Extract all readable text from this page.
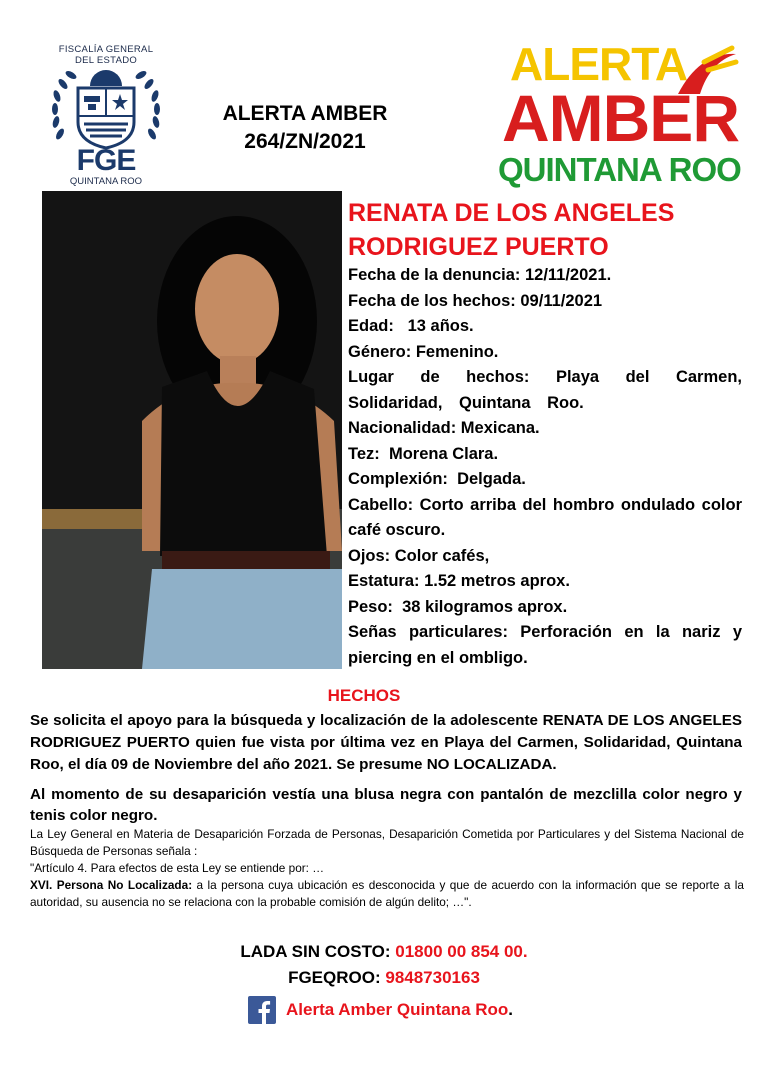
FISCALÍA GENERAL
DEL ESTADO
FGE
QUINTANA ROO
ALERTA AMBER
264/ZN/2021
ALERTA
AMBER
QUINTANA ROO
RENATA DE LOS ANGELES
RODRIGUEZ PUERTO

Fecha de la denuncia: 12/11/2021.

Fecha de los hechos: 09/11/2021

Edad:   13 años.

Género: Femenino.

Lugar de hechos: Playa del Carmen, Solidaridad, Quintana Roo.

Nacionalidad: Mexicana.

Tez:  Morena Clara.

Complexión:  Delgada.

Cabello: Corto arriba del hombro ondulado color café oscuro.

Ojos: Color cafés,

Estatura: 1.52 metros aprox.

Peso:  38 kilogramos aprox.

Señas particulares: Perforación en la nariz y piercing en el ombligo.

HECHOS

Se solicita el apoyo para la búsqueda y localización de la adolescente RENATA DE LOS ANGELES RODRIGUEZ PUERTO quien fue vista por última vez en Playa del Carmen, Solidaridad, Quintana Roo, el día 09 de Noviembre del año 2021. Se presume NO LOCALIZADA.

Al momento de su desaparición vestía una blusa negra con pantalón de mezclilla color negro y tenis color negro.

La Ley General en Materia de Desaparición Forzada de Personas, Desaparición Cometida por Particulares y del Sistema Nacional de Búsqueda de Personas señala :

"Artículo 4. Para efectos de esta Ley se entiende por: …

XVI. Persona No Localizada: a la persona cuya ubicación es desconocida y que de acuerdo con la información que se reporte a la autoridad, su ausencia no se relaciona con la probable comisión de algún delito; …".

LADA SIN COSTO: 01800 00 854 00.
FGEQROO: 9848730163
Alerta Amber Quintana Roo.
